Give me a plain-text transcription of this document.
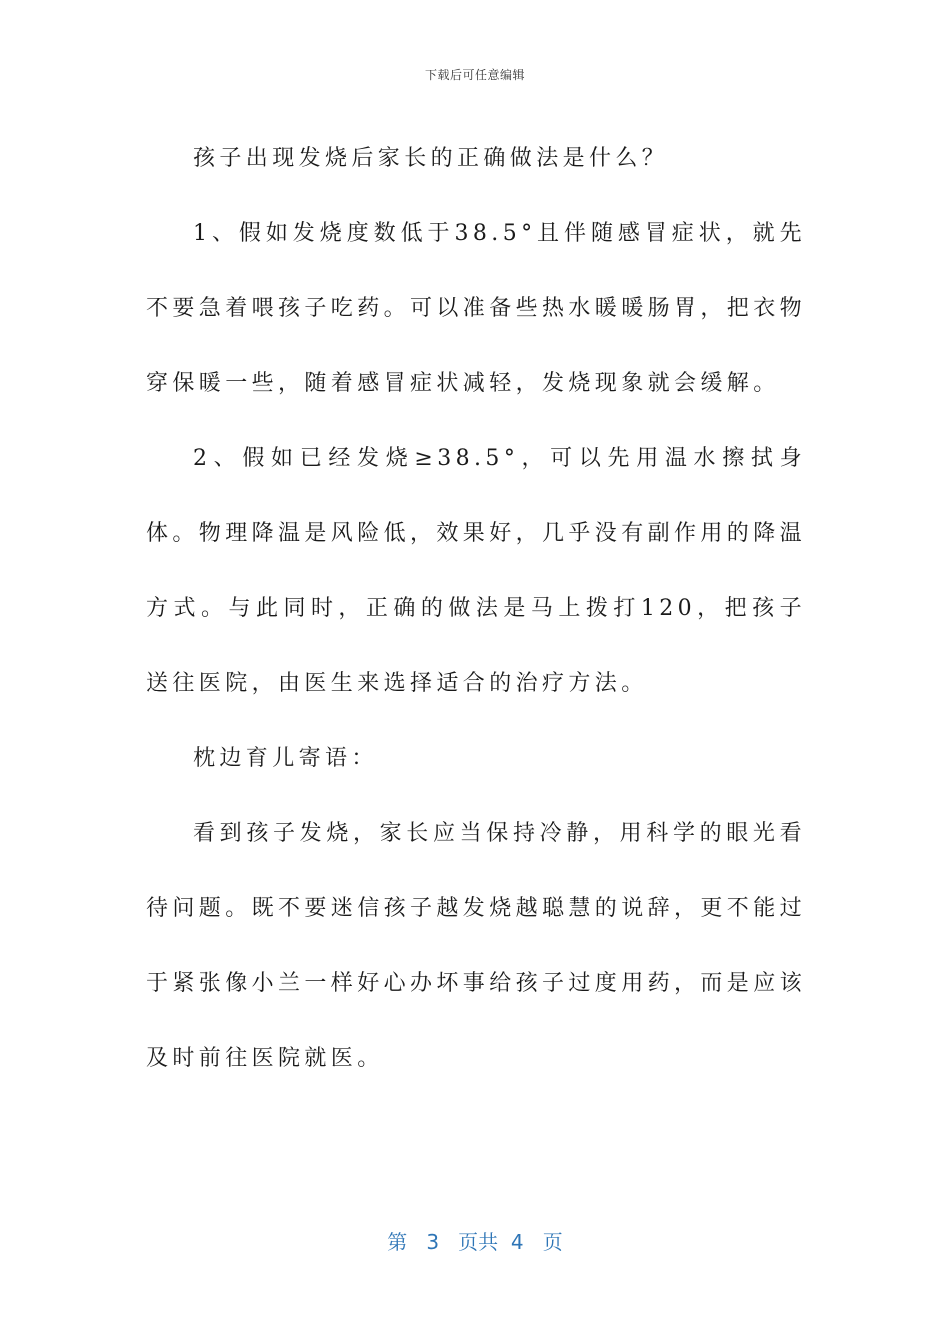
下载后可任意编辑

孩子出现发烧后家长的正确做法是什么？

1、假如发烧度数低于38.5°且伴随感冒症状，就先不要急着喂孩子吃药。可以准备些热水暖暖肠胃，把衣物穿保暖一些，随着感冒症状减轻，发烧现象就会缓解。

2、假如已经发烧≥38.5°，可以先用温水擦拭身体。物理降温是风险低，效果好，几乎没有副作用的降温方式。与此同时，正确的做法是马上拨打120，把孩子送往医院，由医生来选择适合的治疗方法。

枕边育儿寄语：

看到孩子发烧，家长应当保持冷静，用科学的眼光看待问题。既不要迷信孩子越发烧越聪慧的说辞，更不能过于紧张像小兰一样好心办坏事给孩子过度用药，而是应该及时前往医院就医。

第 3 页共 4 页
